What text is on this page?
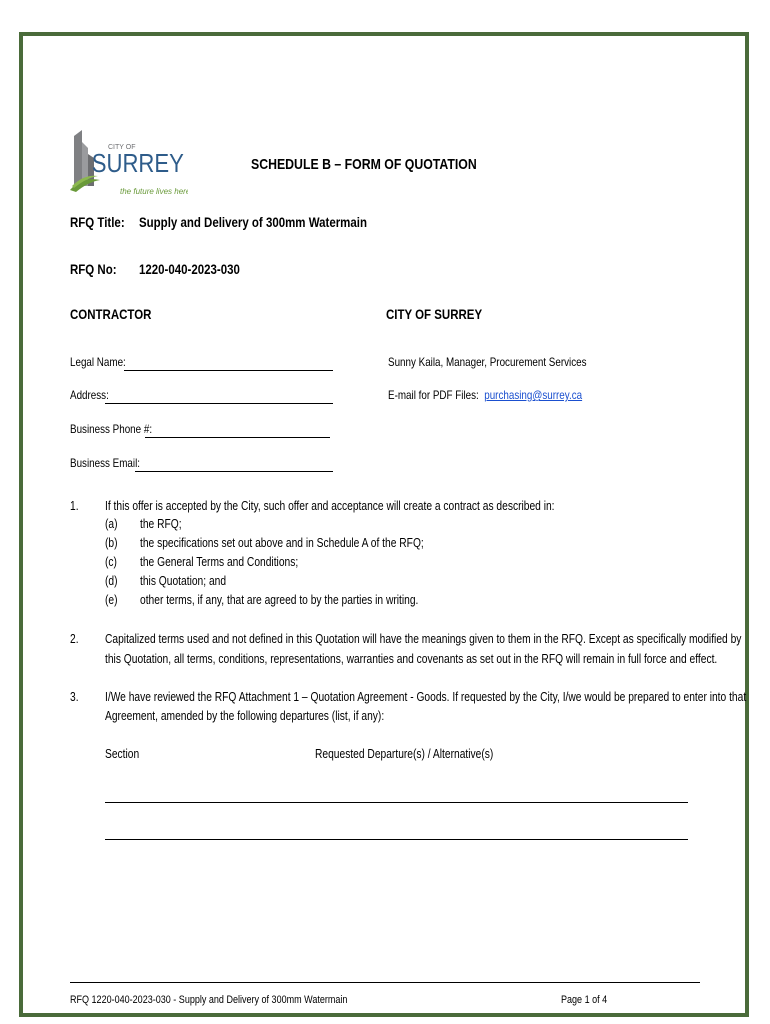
CITY OF
SURREY
the future lives here
SCHEDULE B – FORM OF QUOTATION
RFQ Title:	Supply and Delivery of 300mm Watermain
RFQ No:	1220-040-2023-030
CONTRACTOR	CITY OF SURREY
Legal Name:
Address:
Business Phone #:
Business Email:
Sunny Kaila, Manager, Procurement Services
E-mail for PDF Files: purchasing@surrey.ca
1. If this offer is accepted by the City, such offer and acceptance will create a contract as described in:
(a) the RFQ;
(b) the specifications set out above and in Schedule A of the RFQ;
(c) the General Terms and Conditions;
(d) this Quotation; and
(e) other terms, if any, that are agreed to by the parties in writing.
2. Capitalized terms used and not defined in this Quotation will have the meanings given to them in the RFQ. Except as specifically modified by
this Quotation, all terms, conditions, representations, warranties and covenants as set out in the RFQ will remain in full force and effect.
3. I/We have reviewed the RFQ Attachment 1 – Quotation Agreement - Goods. If requested by the City, I/we would be prepared to enter into that
Agreement, amended by the following departures (list, if any):
Section	Requested Departure(s) / Alternative(s)
RFQ 1220-040-2023-030 - Supply and Delivery of 300mm Watermain	Page 1 of 4
